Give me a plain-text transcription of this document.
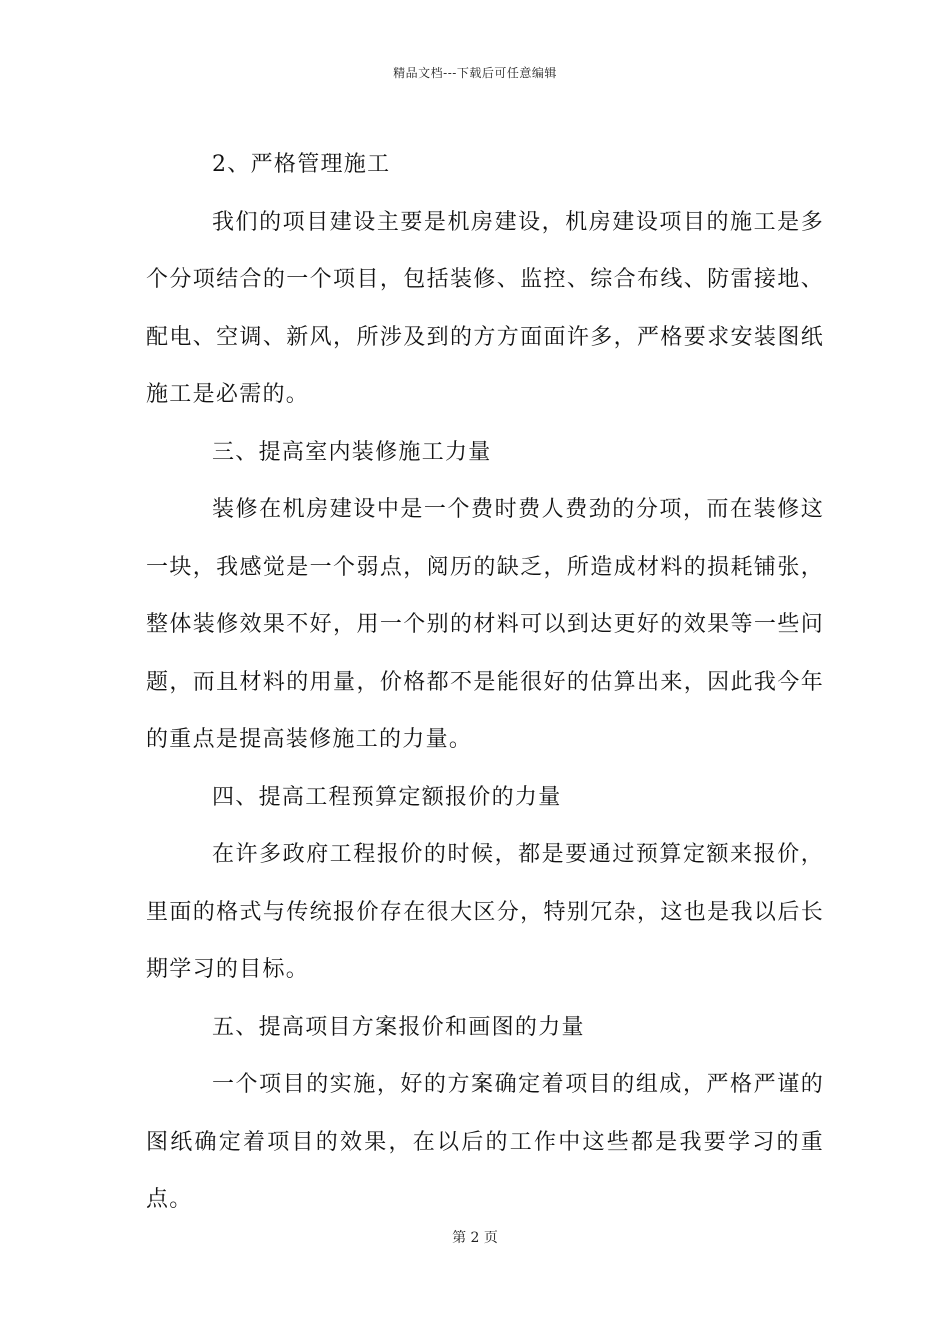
精品文档---下载后可任意编辑

2、严格管理施工

我们的项目建设主要是机房建设，机房建设项目的施工是多个分项结合的一个项目，包括装修、监控、综合布线、防雷接地、配电、空调、新风，所涉及到的方方面面许多，严格要求安装图纸施工是必需的。

三、提高室内装修施工力量

装修在机房建设中是一个费时费人费劲的分项，而在装修这一块，我感觉是一个弱点，阅历的缺乏，所造成材料的损耗铺张，整体装修效果不好，用一个别的材料可以到达更好的效果等一些问题，而且材料的用量，价格都不是能很好的估算出来，因此我今年的重点是提高装修施工的力量。

四、提高工程预算定额报价的力量

在许多政府工程报价的时候，都是要通过预算定额来报价，里面的格式与传统报价存在很大区分，特别冗杂，这也是我以后长期学习的目标。

五、提高项目方案报价和画图的力量

一个项目的实施，好的方案确定着项目的组成，严格严谨的图纸确定着项目的效果，在以后的工作中这些都是我要学习的重点。

第 2 页
